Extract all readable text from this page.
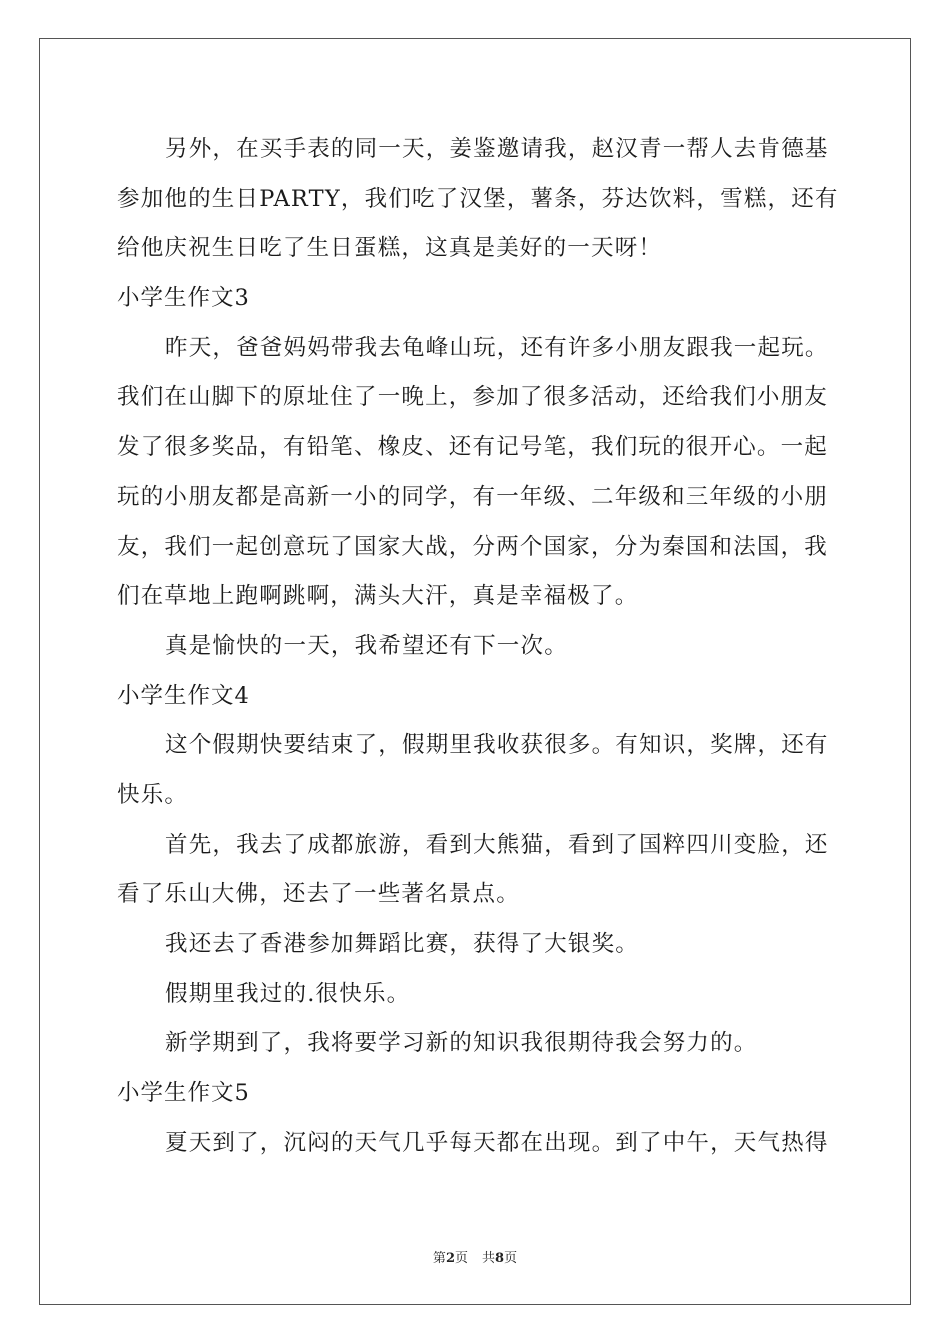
另外，在买手表的同一天，姜鉴邀请我，赵汉青一帮人去肯德基
参加他的生日PARTY，我们吃了汉堡，薯条，芬达饮料，雪糕，还有
给他庆祝生日吃了生日蛋糕，这真是美好的一天呀！
小学生作文3
昨天，爸爸妈妈带我去龟峰山玩，还有许多小朋友跟我一起玩。
我们在山脚下的原址住了一晚上，参加了很多活动，还给我们小朋友
发了很多奖品，有铅笔、橡皮、还有记号笔，我们玩的很开心。一起
玩的小朋友都是高新一小的同学，有一年级、二年级和三年级的小朋
友，我们一起创意玩了国家大战，分两个国家，分为秦国和法国，我
们在草地上跑啊跳啊，满头大汗，真是幸福极了。
真是愉快的一天，我希望还有下一次。
小学生作文4
这个假期快要结束了，假期里我收获很多。有知识，奖牌，还有
快乐。
首先，我去了成都旅游，看到大熊猫，看到了国粹四川变脸，还
看了乐山大佛，还去了一些著名景点。
我还去了香港参加舞蹈比赛，获得了大银奖。
假期里我过的.很快乐。
新学期到了，我将要学习新的知识我很期待我会努力的。
小学生作文5
夏天到了，沉闷的天气几乎每天都在出现。到了中午，天气热得
第2页 共8页
